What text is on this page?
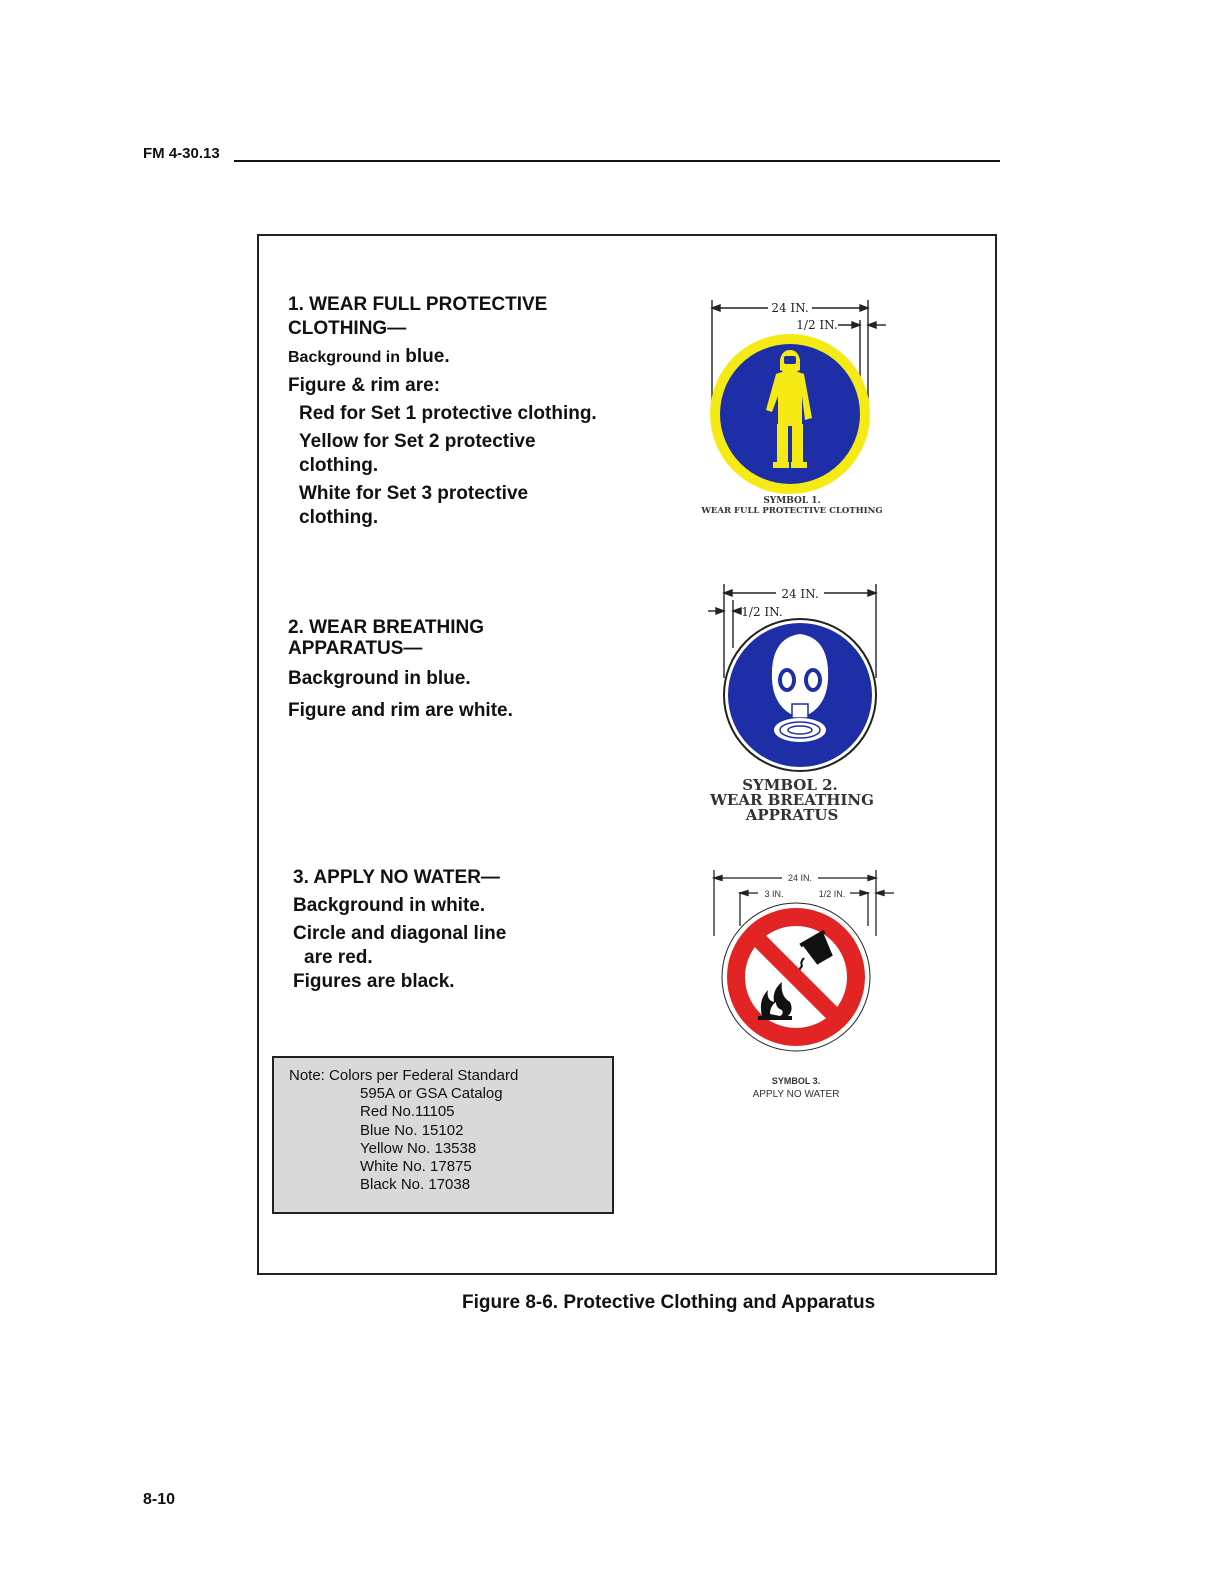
FM 4-30.13

1. WEAR FULL PROTECTIVE
CLOTHING—

Background in blue.

Figure & rim are:

Red for Set 1 protective clothing.

Yellow for Set 2 protective
clothing.

White for Set 3 protective
clothing.

2. WEAR BREATHING
APPARATUS—

Background in blue.

Figure and rim are white.

3. APPLY NO WATER—

Background in white.

Circle and diagonal line

are red.

Figures are black.

24 IN.
1/2 IN.
SYMBOL 1.
WEAR FULL PROTECTIVE CLOTHING
24 IN.
1/2 IN.
SYMBOL 2.
WEAR BREATHING
APPRATUS
24 IN.
3 IN.	1/2 IN.
SYMBOL 3.
APPLY NO WATER
Note: Colors per Federal Standard
595A or GSA Catalog
Red No.11105
Blue No. 15102
Yellow No. 13538
White No. 17875
Black No. 17038
Figure 8-6. Protective Clothing and Apparatus
8-10
